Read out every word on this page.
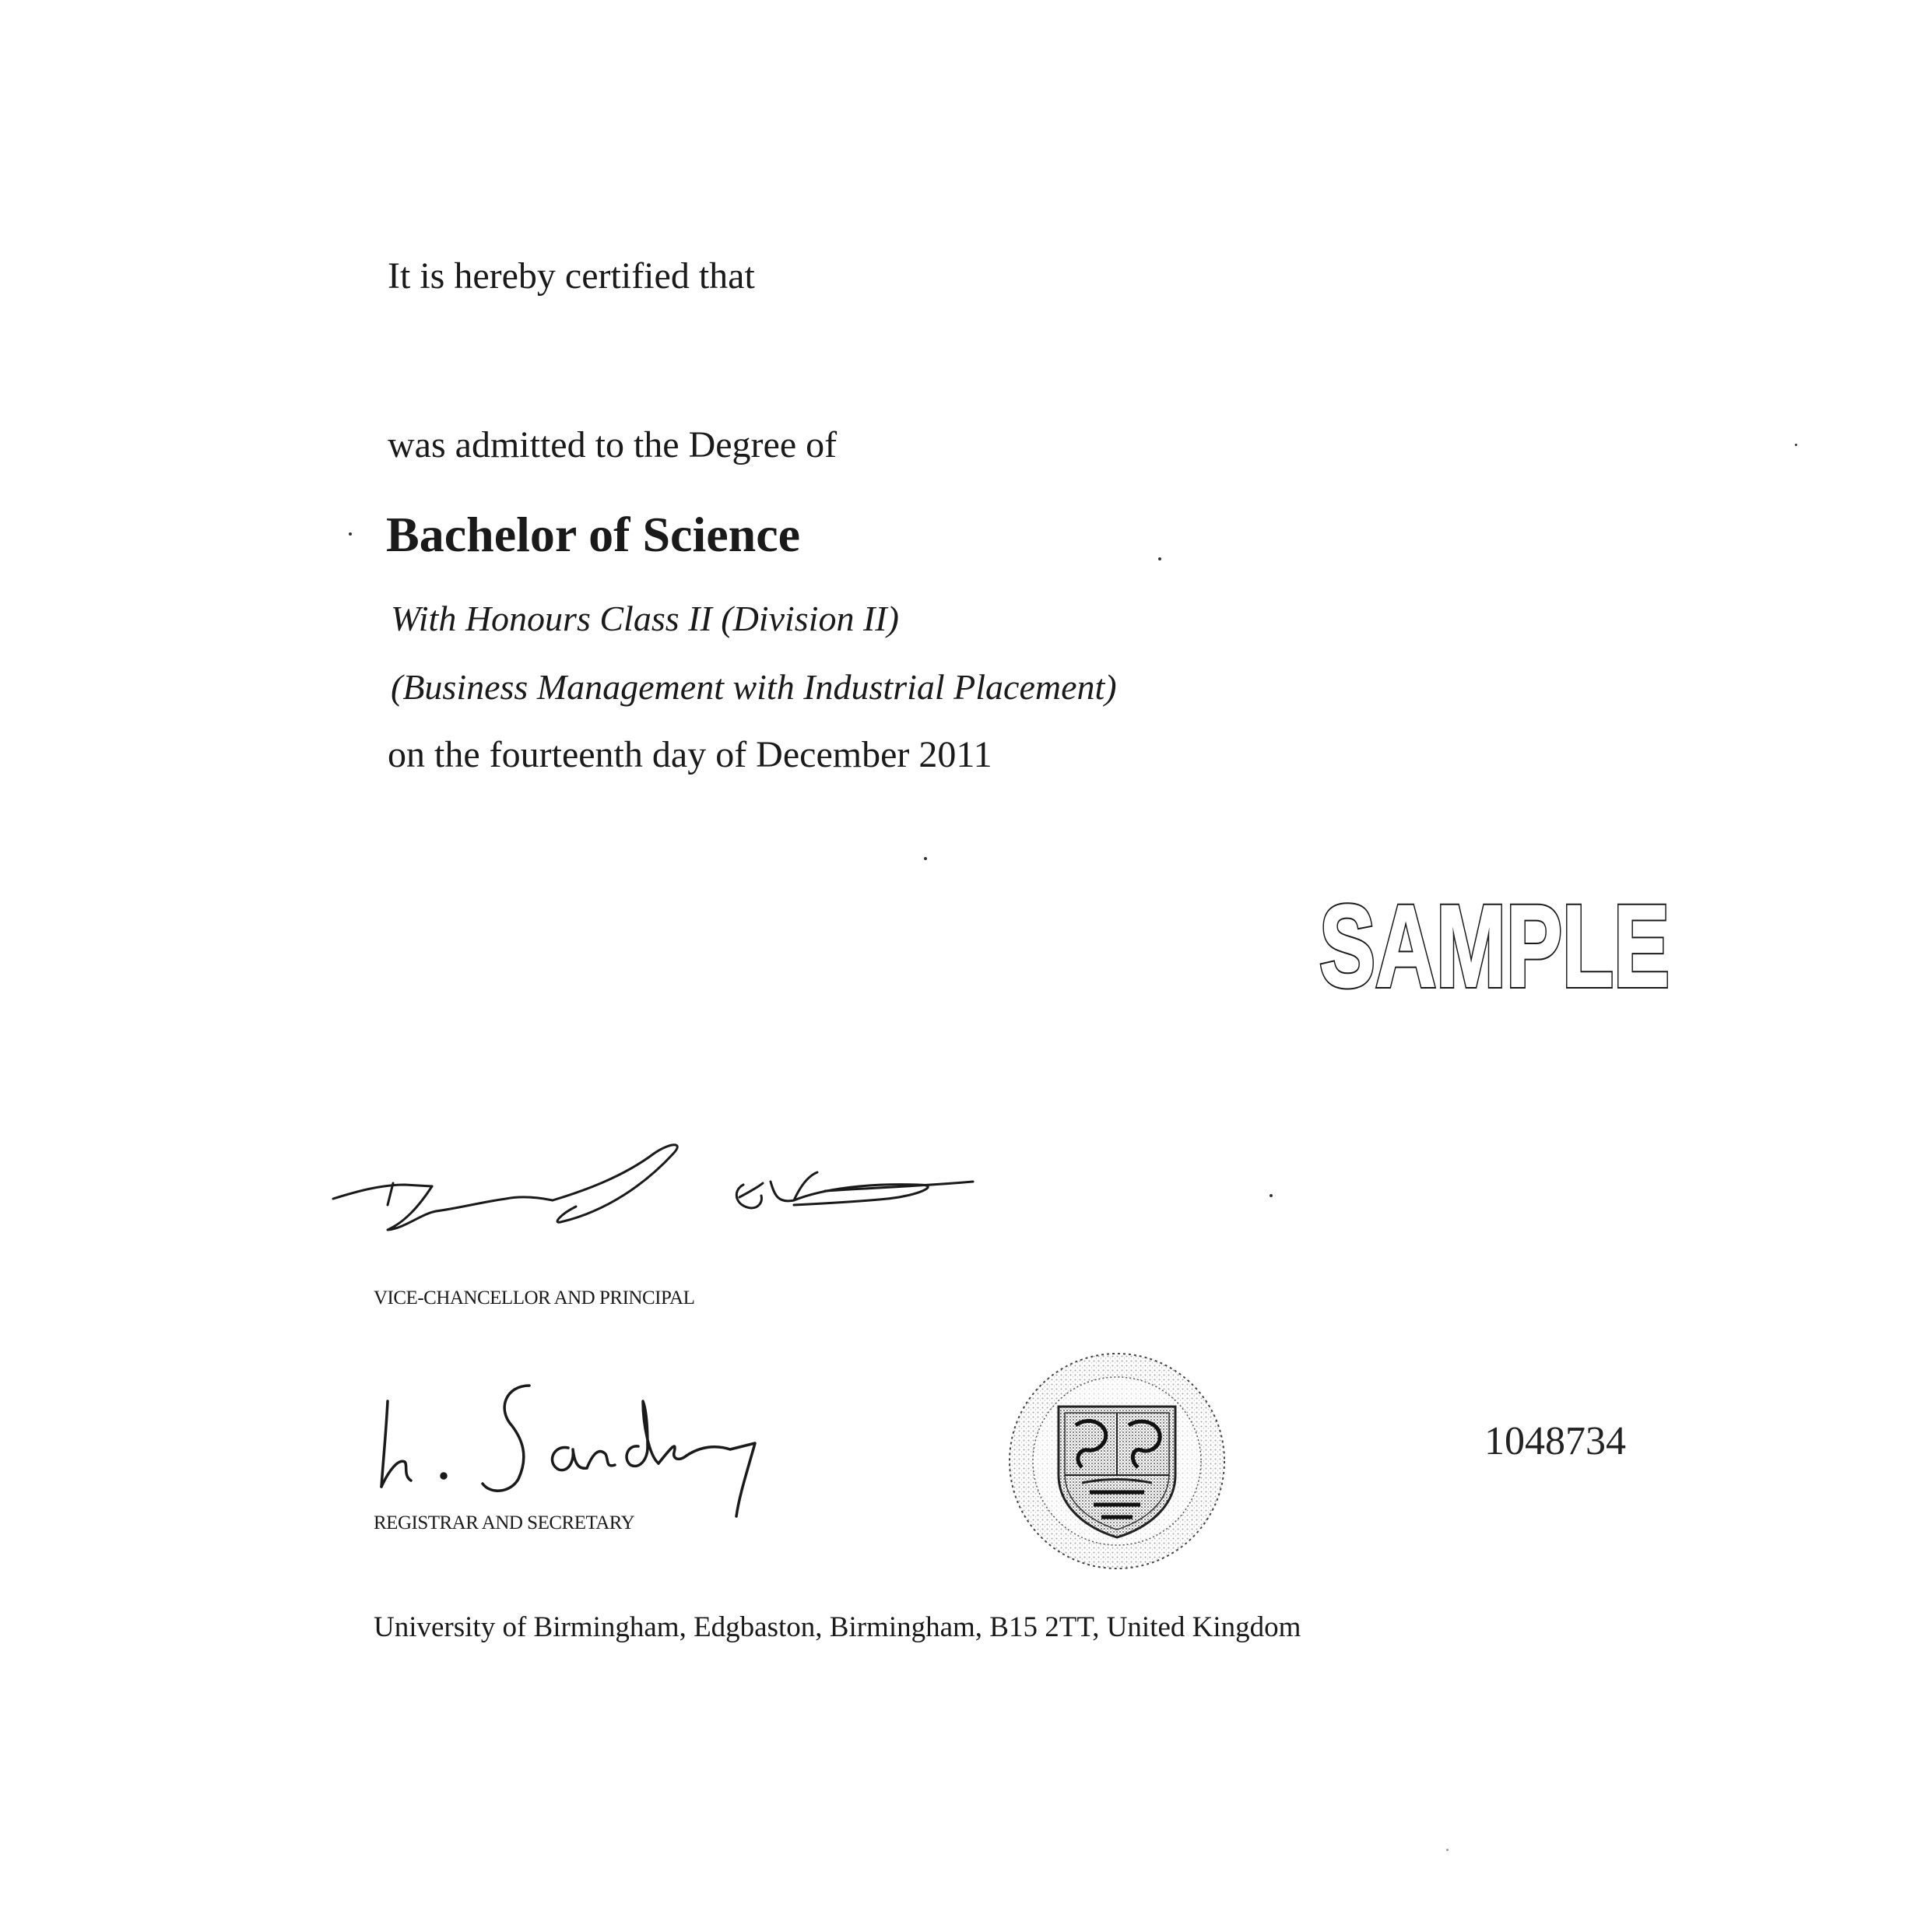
It is hereby certified that
was admitted to the Degree of
Bachelor of Science
With Honours Class II (Division II)
(Business Management with Industrial Placement)
on the fourteenth day of December 2011
SAMPLE
SAMPLE
VICE-CHANCELLOR AND PRINCIPAL
REGISTRAR AND SECRETARY
1048734
University of Birmingham, Edgbaston, Birmingham, B15 2TT, United Kingdom
